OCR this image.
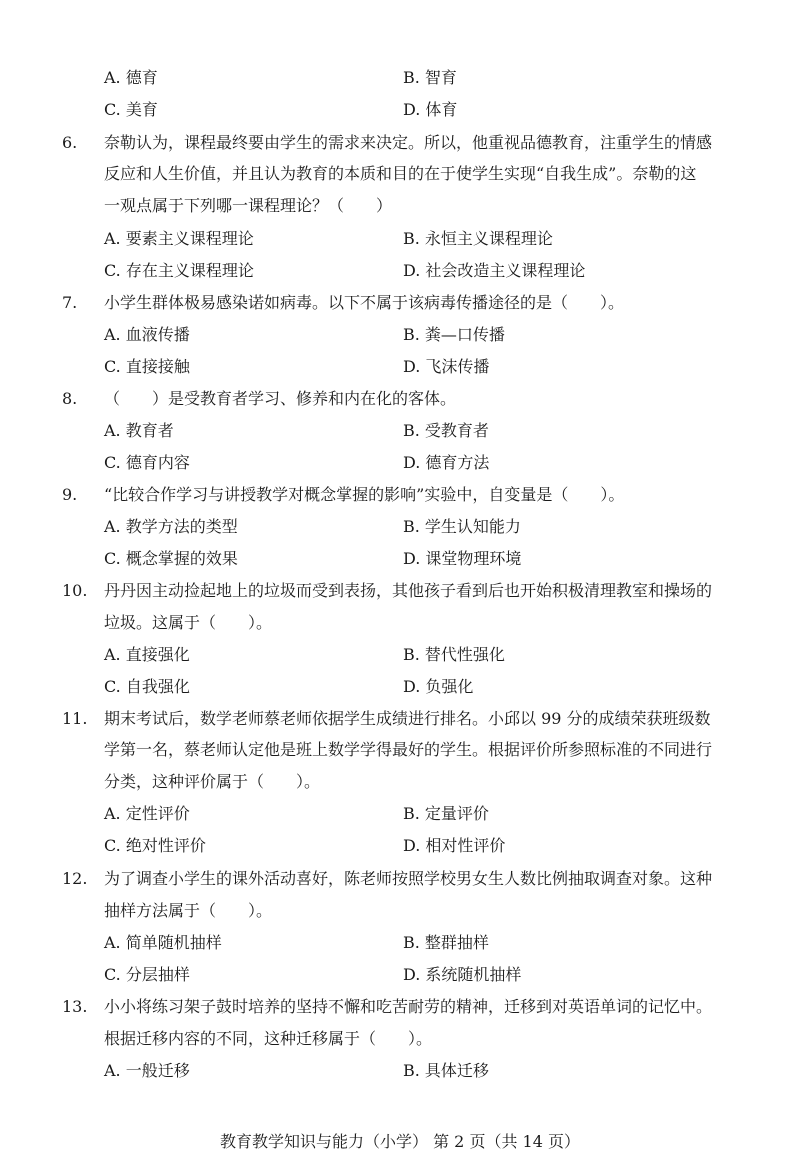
A. 德育	B. 智育
C. 美育	D. 体育
6. 奈勒认为，课程最终要由学生的需求来决定。所以，他重视品德教育，注重学生的情感
反应和人生价值，并且认为教育的本质和目的在于使学生实现“自我生成”。奈勒的这
一观点属于下列哪一课程理论？（　　）
A. 要素主义课程理论	B. 永恒主义课程理论
C. 存在主义课程理论	D. 社会改造主义课程理论
7. 小学生群体极易感染诺如病毒。以下不属于该病毒传播途径的是（　　）。
A. 血液传播	B. 粪—口传播
C. 直接接触	D. 飞沫传播
8. （　　）是受教育者学习、修养和内在化的客体。
A. 教育者	B. 受教育者
C. 德育内容	D. 德育方法
9. “比较合作学习与讲授教学对概念掌握的影响”实验中，自变量是（　　）。
A. 教学方法的类型	B. 学生认知能力
C. 概念掌握的效果	D. 课堂物理环境
10. 丹丹因主动捡起地上的垃圾而受到表扬，其他孩子看到后也开始积极清理教室和操场的
垃圾。这属于（　　）。
A. 直接强化	B. 替代性强化
C. 自我强化	D. 负强化
11. 期末考试后，数学老师蔡老师依据学生成绩进行排名。小邱以 99 分的成绩荣获班级数
学第一名，蔡老师认定他是班上数学学得最好的学生。根据评价所参照标准的不同进行
分类，这种评价属于（　　）。
A. 定性评价	B. 定量评价
C. 绝对性评价	D. 相对性评价
12. 为了调查小学生的课外活动喜好，陈老师按照学校男女生人数比例抽取调查对象。这种
抽样方法属于（　　）。
A. 简单随机抽样	B. 整群抽样
C. 分层抽样	D. 系统随机抽样
13. 小小将练习架子鼓时培养的坚持不懈和吃苦耐劳的精神，迁移到对英语单词的记忆中。
根据迁移内容的不同，这种迁移属于（　　）。
A. 一般迁移	B. 具体迁移
教育教学知识与能力（小学） 第 2 页（共 14 页）
